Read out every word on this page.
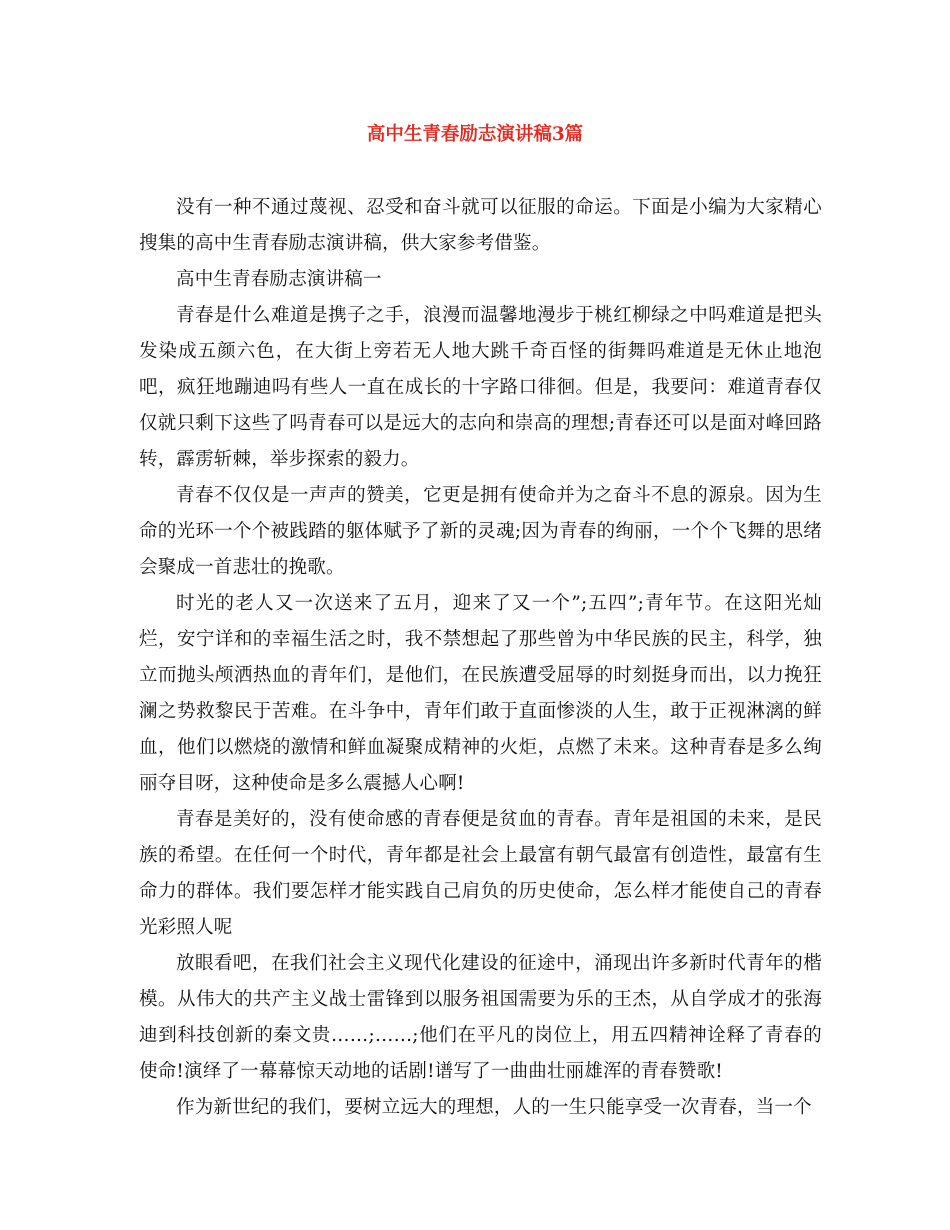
高中生青春励志演讲稿3篇

没有一种不通过蔑视、忍受和奋斗就可以征服的命运。下面是小编为大家精心搜集的高中生青春励志演讲稿，供大家参考借鉴。

高中生青春励志演讲稿一

青春是什么难道是携子之手，浪漫而温馨地漫步于桃红柳绿之中吗难道是把头发染成五颜六色，在大街上旁若无人地大跳千奇百怪的街舞吗难道是无休止地泡吧，疯狂地蹦迪吗有些人一直在成长的十字路口徘徊。但是，我要问：难道青春仅仅就只剩下这些了吗青春可以是远大的志向和崇高的理想;青春还可以是面对峰回路转，霹雳斩棘，举步探索的毅力。

青春不仅仅是一声声的赞美，它更是拥有使命并为之奋斗不息的源泉。因为生命的光环一个个被践踏的躯体赋予了新的灵魂;因为青春的绚丽，一个个飞舞的思绪会聚成一首悲壮的挽歌。

时光的老人又一次送来了五月，迎来了又一个”;五四”;青年节。在这阳光灿烂，安宁详和的幸福生活之时，我不禁想起了那些曾为中华民族的民主，科学，独立而抛头颅洒热血的青年们，是他们，在民族遭受屈辱的时刻挺身而出，以力挽狂澜之势救黎民于苦难。在斗争中，青年们敢于直面惨淡的人生，敢于正视淋漓的鲜血，他们以燃烧的激情和鲜血凝聚成精神的火炬，点燃了未来。这种青春是多么绚丽夺目呀，这种使命是多么震撼人心啊!

青春是美好的，没有使命感的青春便是贫血的青春。青年是祖国的未来，是民族的希望。在任何一个时代，青年都是社会上最富有朝气最富有创造性，最富有生命力的群体。我们要怎样才能实践自己肩负的历史使命，怎么样才能使自己的青春光彩照人呢

放眼看吧，在我们社会主义现代化建设的征途中，涌现出许多新时代青年的楷模。从伟大的共产主义战士雷锋到以服务祖国需要为乐的王杰，从自学成才的张海迪到科技创新的秦文贵……;……;他们在平凡的岗位上，用五四精神诠释了青春的使命!演绎了一幕幕惊天动地的话剧!谱写了一曲曲壮丽雄浑的青春赞歌!

作为新世纪的我们，要树立远大的理想，人的一生只能享受一次青春，当一个
